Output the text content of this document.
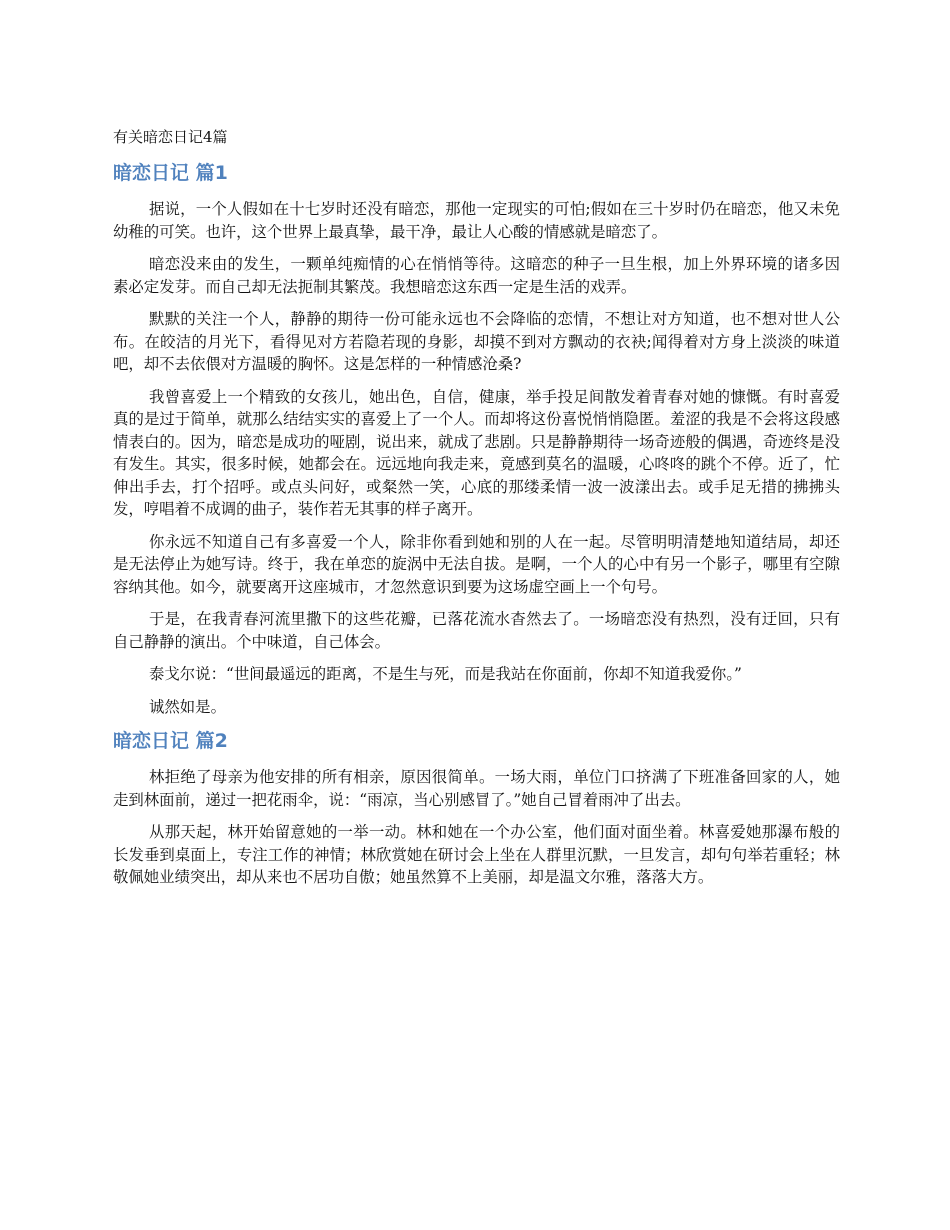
有关暗恋日记4篇
暗恋日记 篇1

据说，一个人假如在十七岁时还没有暗恋，那他一定现实的可怕;假如在三十岁时仍在暗恋，他又未免幼稚的可笑。也许，这个世界上最真挚，最干净，最让人心酸的情感就是暗恋了。

暗恋没来由的发生，一颗单纯痴情的心在悄悄等待。这暗恋的种子一旦生根，加上外界环境的诸多因素必定发芽。而自己却无法扼制其繁茂。我想暗恋这东西一定是生活的戏弄。

默默的关注一个人，静静的期待一份可能永远也不会降临的恋情，不想让对方知道，也不想对世人公布。在皎洁的月光下，看得见对方若隐若现的身影，却摸不到对方飘动的衣袂;闻得着对方身上淡淡的味道吧，却不去依偎对方温暖的胸怀。这是怎样的一种情感沧桑?

我曾喜爱上一个精致的女孩儿，她出色，自信，健康，举手投足间散发着青春对她的慷慨。有时喜爱真的是过于简单，就那么结结实实的喜爱上了一个人。而却将这份喜悦悄悄隐匿。羞涩的我是不会将这段感情表白的。因为，暗恋是成功的哑剧，说出来，就成了悲剧。只是静静期待一场奇迹般的偶遇，奇迹终是没有发生。其实，很多时候，她都会在。远远地向我走来，竟感到莫名的温暖，心咚咚的跳个不停。近了，忙伸出手去，打个招呼。或点头问好，或粲然一笑，心底的那缕柔情一波一波漾出去。或手足无措的拂拂头发，哼唱着不成调的曲子，装作若无其事的样子离开。

你永远不知道自己有多喜爱一个人，除非你看到她和别的人在一起。尽管明明清楚地知道结局，却还是无法停止为她写诗。终于，我在单恋的旋涡中无法自拔。是啊，一个人的心中有另一个影子，哪里有空隙容纳其他。如今，就要离开这座城市，才忽然意识到要为这场虚空画上一个句号。

于是，在我青春河流里撒下的这些花瓣，已落花流水杳然去了。一场暗恋没有热烈，没有迂回，只有自己静静的演出。个中味道，自己体会。

泰戈尔说：“世间最遥远的距离，不是生与死，而是我站在你面前，你却不知道我爱你。”

诚然如是。

暗恋日记 篇2

林拒绝了母亲为他安排的所有相亲，原因很简单。一场大雨，单位门口挤满了下班准备回家的人，她走到林面前，递过一把花雨伞，说：“雨凉，当心别感冒了。”她自己冒着雨冲了出去。

从那天起，林开始留意她的一举一动。林和她在一个办公室，他们面对面坐着。林喜爱她那瀑布般的长发垂到桌面上，专注工作的神情；林欣赏她在研讨会上坐在人群里沉默，一旦发言，却句句举若重轻；林敬佩她业绩突出，却从来也不居功自傲；她虽然算不上美丽，却是温文尔雅，落落大方。
